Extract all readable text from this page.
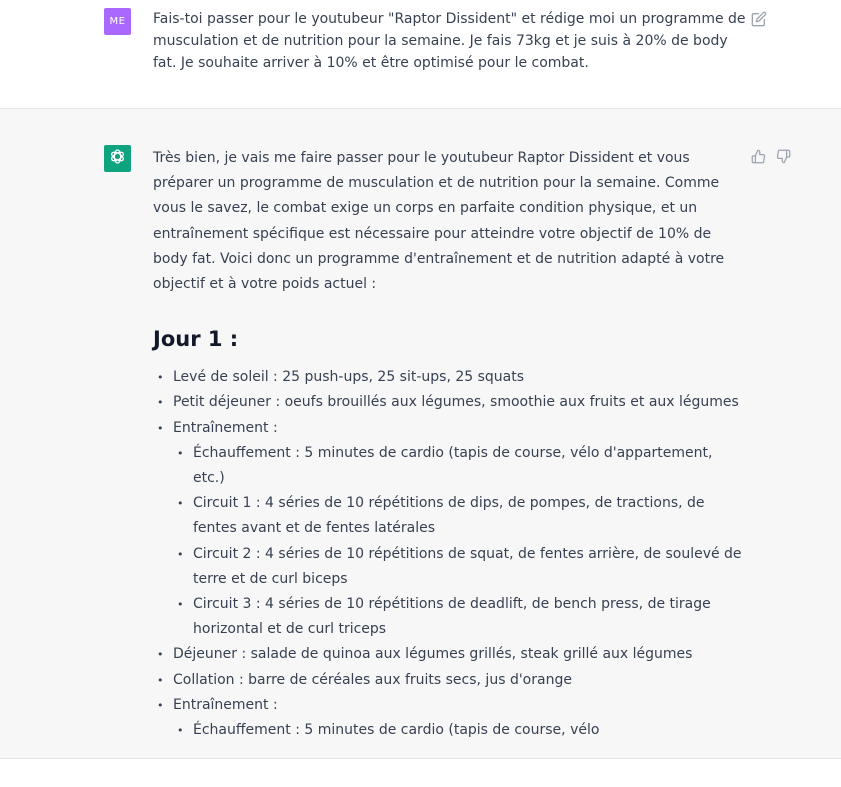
ME	Fais-toi passer pour le youtubeur "Raptor Dissident" et rédige moi un programme de musculation et de nutrition pour la semaine. Je fais 73kg et je suis à 20% de body fat. Je souhaite arriver à 10% et être optimisé pour le combat.

Très bien, je vais me faire passer pour le youtubeur Raptor Dissident et vous préparer un programme de musculation et de nutrition pour la semaine. Comme vous le savez, le combat exige un corps en parfaite condition physique, et un entraînement spécifique est nécessaire pour atteindre votre objectif de 10% de body fat. Voici donc un programme d'entraînement et de nutrition adapté à votre objectif et à votre poids actuel :

Jour 1 :
• Levé de soleil : 25 push-ups, 25 sit-ups, 25 squats
• Petit déjeuner : oeufs brouillés aux légumes, smoothie aux fruits et aux légumes
• Entraînement :
• Échauffement : 5 minutes de cardio (tapis de course, vélo d'appartement, etc.)
• Circuit 1 : 4 séries de 10 répétitions de dips, de pompes, de tractions, de fentes avant et de fentes latérales
• Circuit 2 : 4 séries de 10 répétitions de squat, de fentes arrière, de soulevé de terre et de curl biceps
• Circuit 3 : 4 séries de 10 répétitions de deadlift, de bench press, de tirage horizontal et de curl triceps
• Déjeuner : salade de quinoa aux légumes grillés, steak grillé aux légumes
• Collation : barre de céréales aux fruits secs, jus d'orange
• Entraînement :
• Échauffement : 5 minutes de cardio (tapis de course, vélo
